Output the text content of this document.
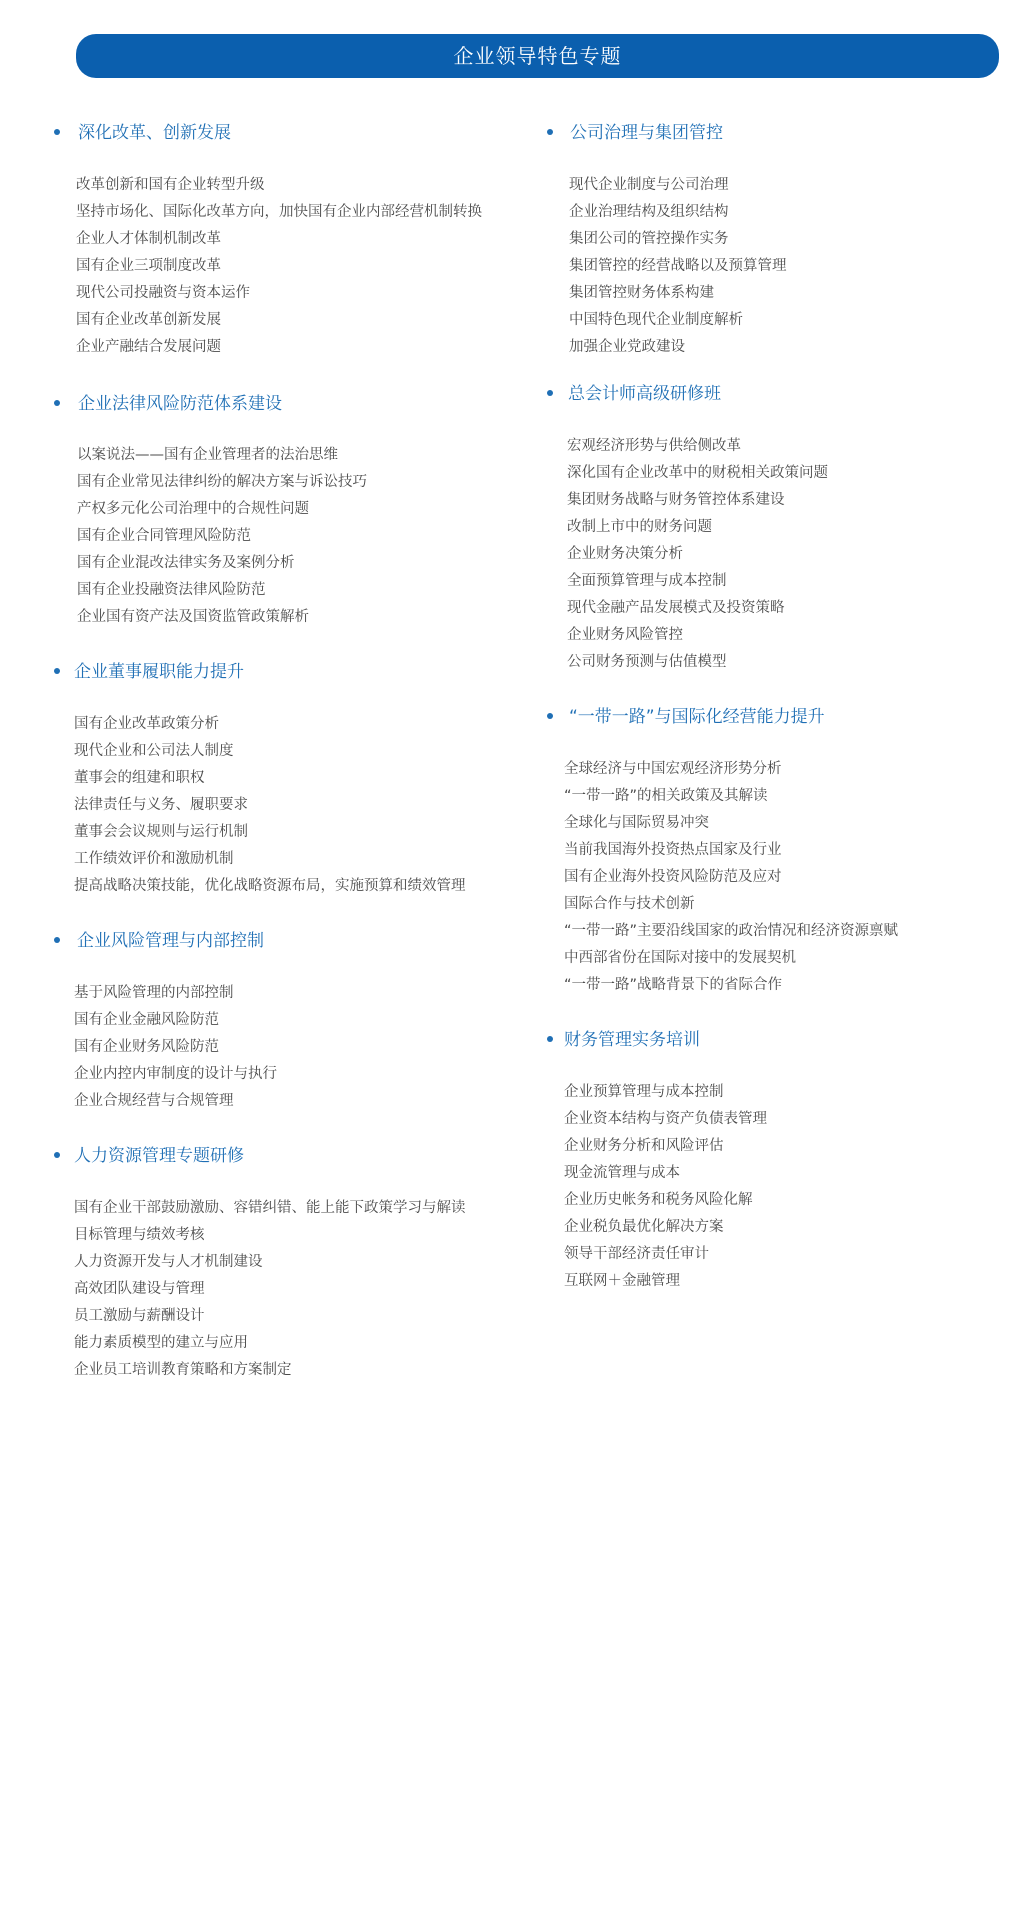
企业领导特色专题
深化改革、创新发展
改革创新和国有企业转型升级
坚持市场化、国际化改革方向，加快国有企业内部经营机制转换
企业人才体制机制改革
国有企业三项制度改革
现代公司投融资与资本运作
国有企业改革创新发展
企业产融结合发展问题
企业法律风险防范体系建设
以案说法——国有企业管理者的法治思维
国有企业常见法律纠纷的解决方案与诉讼技巧
产权多元化公司治理中的合规性问题
国有企业合同管理风险防范
国有企业混改法律实务及案例分析
国有企业投融资法律风险防范
企业国有资产法及国资监管政策解析
企业董事履职能力提升
国有企业改革政策分析
现代企业和公司法人制度
董事会的组建和职权
法律责任与义务、履职要求
董事会会议规则与运行机制
工作绩效评价和激励机制
提高战略决策技能，优化战略资源布局，实施预算和绩效管理
企业风险管理与内部控制
基于风险管理的内部控制
国有企业金融风险防范
国有企业财务风险防范
企业内控内审制度的设计与执行
企业合规经营与合规管理
人力资源管理专题研修
国有企业干部鼓励激励、容错纠错、能上能下政策学习与解读
目标管理与绩效考核
人力资源开发与人才机制建设
高效团队建设与管理
员工激励与薪酬设计
能力素质模型的建立与应用
企业员工培训教育策略和方案制定
公司治理与集团管控
现代企业制度与公司治理
企业治理结构及组织结构
集团公司的管控操作实务
集团管控的经营战略以及预算管理
集团管控财务体系构建
中国特色现代企业制度解析
加强企业党政建设
总会计师高级研修班
宏观经济形势与供给侧改革
深化国有企业改革中的财税相关政策问题
集团财务战略与财务管控体系建设
改制上市中的财务问题
企业财务决策分析
全面预算管理与成本控制
现代金融产品发展模式及投资策略
企业财务风险管控
公司财务预测与估值模型
“一带一路”与国际化经营能力提升
全球经济与中国宏观经济形势分析
“一带一路”的相关政策及其解读
全球化与国际贸易冲突
当前我国海外投资热点国家及行业
国有企业海外投资风险防范及应对
国际合作与技术创新
“一带一路”主要沿线国家的政治情况和经济资源禀赋
中西部省份在国际对接中的发展契机
“一带一路”战略背景下的省际合作
财务管理实务培训
企业预算管理与成本控制
企业资本结构与资产负债表管理
企业财务分析和风险评估
现金流管理与成本
企业历史帐务和税务风险化解
企业税负最优化解决方案
领导干部经济责任审计
互联网＋金融管理
